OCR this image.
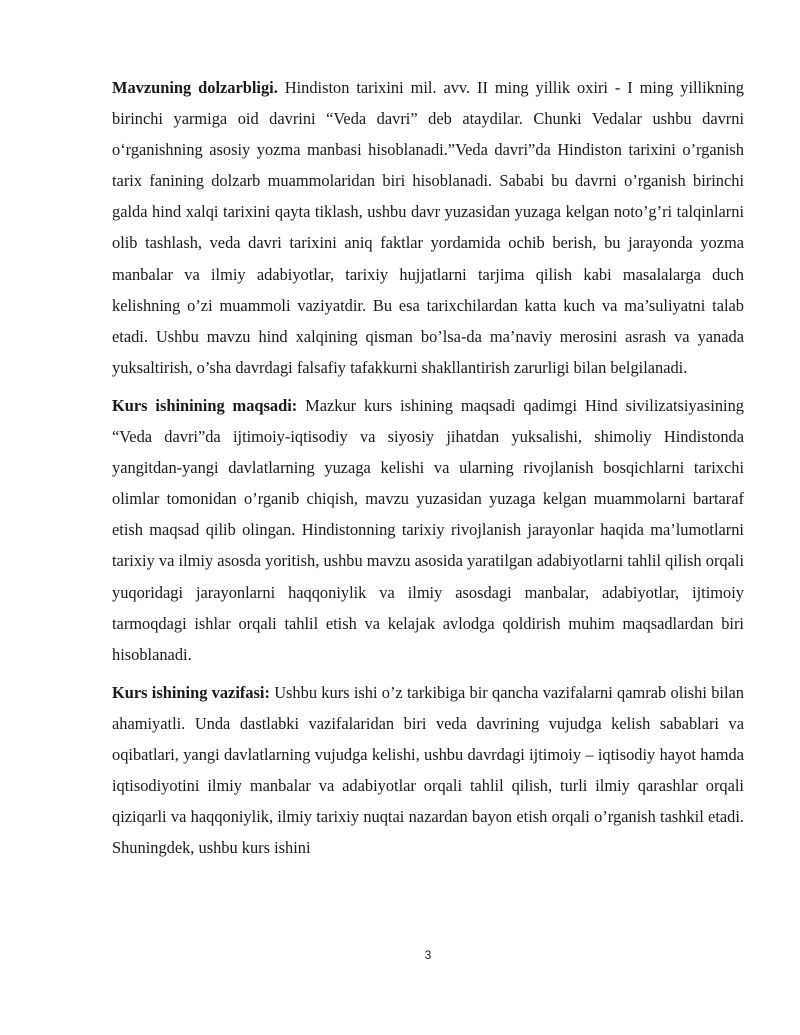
Mavzuning dolzarbligi. Hindiston tarixini mil. avv. II ming yillik oxiri - I ming yillikning birinchi yarmiga oid davrini “Veda davri” deb ataydilar. Chunki Vedalar ushbu davrni o‘rganishning asosiy yozma manbasi hisoblanadi.”Veda davri”da Hindiston tarixini o’rganish tarix fanining dolzarb muammolaridan biri hisoblanadi. Sababi bu davrni o’rganish birinchi galda hind xalqi tarixini qayta tiklash, ushbu davr yuzasidan yuzaga kelgan noto’g’ri talqinlarni olib tashlash, veda davri tarixini aniq faktlar yordamida ochib berish, bu jarayonda yozma manbalar va ilmiy adabiyotlar, tarixiy hujjatlarni tarjima qilish kabi masalalarga duch kelishning o’zi muammoli vaziyatdir. Bu esa tarixchilardan katta kuch va ma’suliyatni talab etadi. Ushbu mavzu hind xalqining qisman bo’lsa-da ma’naviy merosini asrash va yanada yuksaltirish, o’sha davrdagi falsafiy tafakkurni shakllantirish zarurligi bilan belgilanadi.

Kurs ishinining maqsadi: Mazkur kurs ishining maqsadi qadimgi Hind sivilizatsiyasining “Veda davri”da ijtimoiy-iqtisodiy va siyosiy jihatdan yuksalishi, shimoliy Hindistonda yangitdan-yangi davlatlarning yuzaga kelishi va ularning rivojlanish bosqichlarni tarixchi olimlar tomonidan o’rganib chiqish, mavzu yuzasidan yuzaga kelgan muammolarni bartaraf etish maqsad qilib olingan. Hindistonning tarixiy rivojlanish jarayonlar haqida ma’lumotlarni tarixiy va ilmiy asosda yoritish, ushbu mavzu asosida yaratilgan adabiyotlarni tahlil qilish orqali yuqoridagi jarayonlarni haqqoniylik va ilmiy asosdagi manbalar, adabiyotlar, ijtimoiy tarmoqdagi ishlar orqali tahlil etish va kelajak avlodga qoldirish muhim maqsadlardan biri hisoblanadi.

Kurs ishining vazifasi: Ushbu kurs ishi o’z tarkibiga bir qancha vazifalarni qamrab olishi bilan ahamiyatli. Unda dastlabki vazifalaridan biri veda davrining vujudga kelish sabablari va oqibatlari, yangi davlatlarning vujudga kelishi, ushbu davrdagi ijtimoiy – iqtisodiy hayot hamda iqtisodiyotini ilmiy manbalar va adabiyotlar orqali tahlil qilish, turli ilmiy qarashlar orqali qiziqarli va haqqoniylik, ilmiy tarixiy nuqtai nazardan bayon etish orqali o’rganish tashkil etadi. Shuningdek, ushbu kurs ishini

3
